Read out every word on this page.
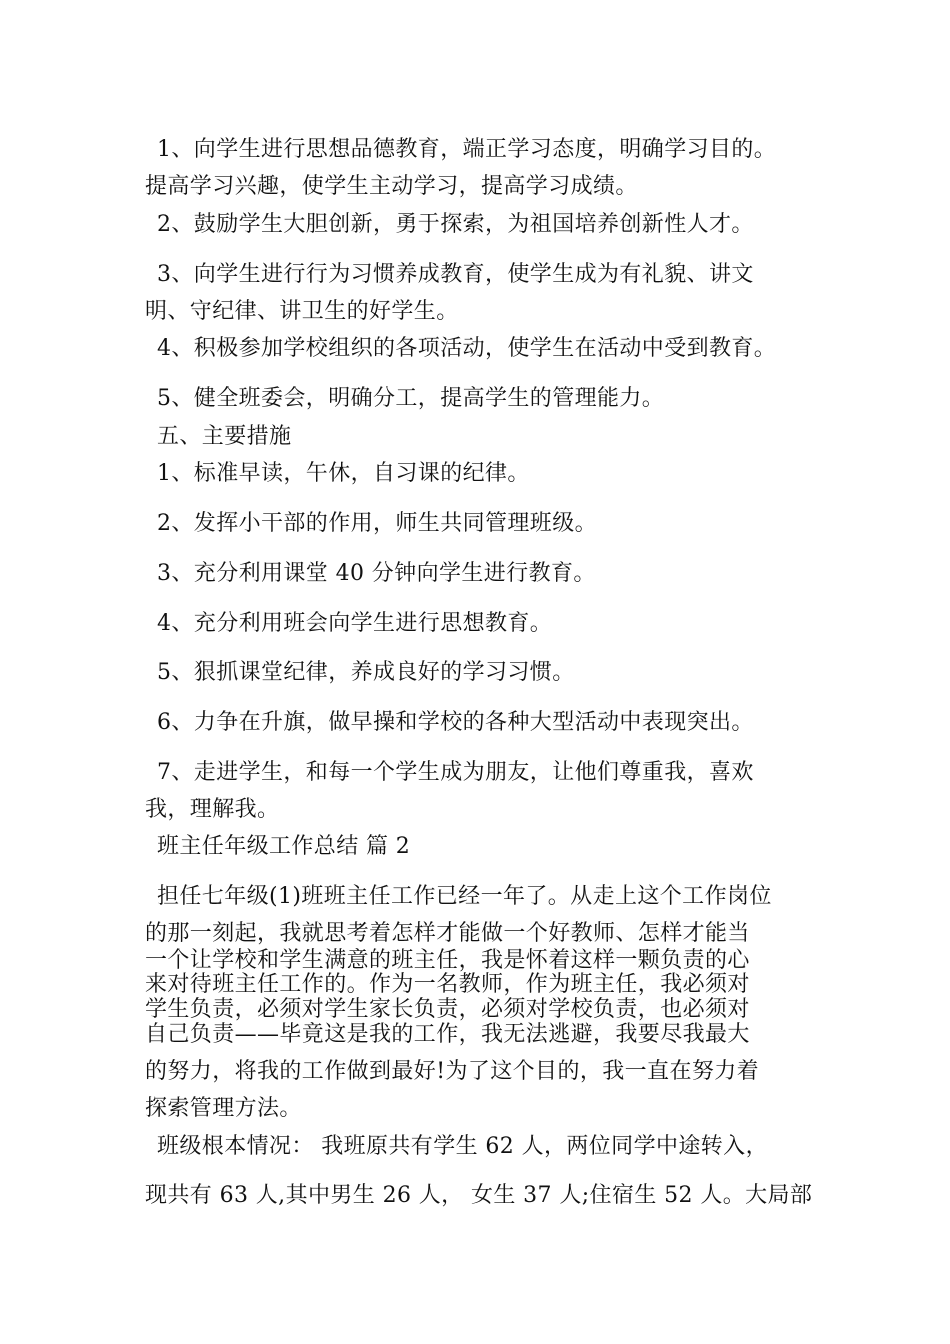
1、向学生进行思想品德教育，端正学习态度，明确学习目的。
提高学习兴趣，使学生主动学习，提高学习成绩。
2、鼓励学生大胆创新，勇于探索，为祖国培养创新性人才。
3、向学生进行行为习惯养成教育，使学生成为有礼貌、讲文
明、守纪律、讲卫生的好学生。
4、积极参加学校组织的各项活动，使学生在活动中受到教育。
5、健全班委会，明确分工，提高学生的管理能力。
五、主要措施
1、标准早读，午休，自习课的纪律。
2、发挥小干部的作用，师生共同管理班级。
3、充分利用课堂 40 分钟向学生进行教育。
4、充分利用班会向学生进行思想教育。
5、狠抓课堂纪律，养成良好的学习习惯。
6、力争在升旗，做早操和学校的各种大型活动中表现突出。
7、走进学生，和每一个学生成为朋友，让他们尊重我，喜欢
我，理解我。
班主任年级工作总结 篇 2
担任七年级(1)班班主任工作已经一年了。从走上这个工作岗位
的那一刻起，我就思考着怎样才能做一个好教师、怎样才能当
一个让学校和学生满意的班主任，我是怀着这样一颗负责的心
来对待班主任工作的。作为一名教师，作为班主任，我必须对
学生负责，必须对学生家长负责，必须对学校负责，也必须对
自己负责——毕竟这是我的工作，我无法逃避，我要尽我最大
的努力，将我的工作做到最好!为了这个目的，我一直在努力着
探索管理方法。
班级根本情况： 我班原共有学生 62 人，两位同学中途转入，
现共有 63 人,其中男生 26 人， 女生 37 人;住宿生 52 人。大局部
